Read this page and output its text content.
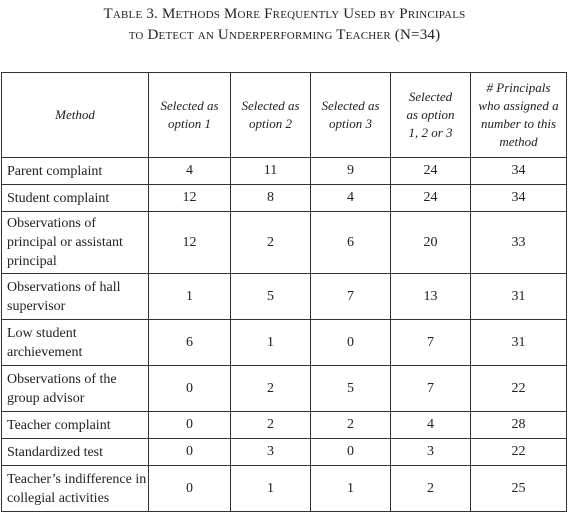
Table 3. Methods More Frequently Used by Principals
to Detect an Underperforming Teacher (N=34)
Method	Selected as option 1	Selected as option 2	Selected as option 3	Selected as option 1, 2 or 3	# Principals who assigned a number to this method
Parent complaint	4	11	9	24	34
Student complaint	12	8	4	24	34
Observations of principal or assistant principal	12	2	6	20	33
Observations of hall supervisor	1	5	7	13	31
Low student archievement	6	1	0	7	31
Observations of the group advisor	0	2	5	7	22
Teacher complaint	0	2	2	4	28
Standardized test	0	3	0	3	22
Teacher’s indifference in collegial activities	0	1	1	2	25
